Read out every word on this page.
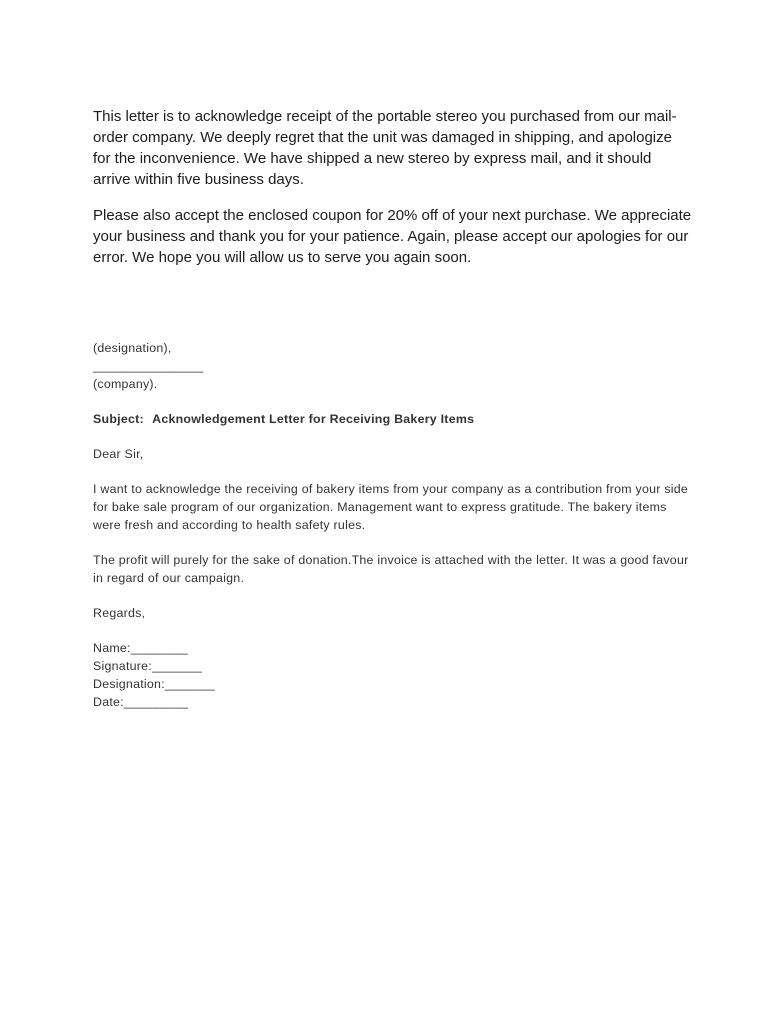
This letter is to acknowledge receipt of the portable stereo you purchased from our mail-order company. We deeply regret that the unit was damaged in shipping, and apologize for the inconvenience. We have shipped a new stereo by express mail, and it should arrive within five business days.

Please also accept the enclosed coupon for 20% off of your next purchase. We appreciate your business and thank you for your patience. Again, please accept our apologies for our error. We hope you will allow us to serve you again soon.

(designation),
________________
(company).

Subject: Acknowledgement Letter for Receiving Bakery Items

Dear Sir,

I want to acknowledge the receiving of bakery items from your company as a contribution from your side for bake sale program of our organization. Management want to express gratitude. The bakery items were fresh and according to health safety rules.

The profit will purely for the sake of donation.The invoice is attached with the letter. It was a good favour in regard of our campaign.

Regards,

Name:________
Signature:_______
Designation:_______
Date:_________
